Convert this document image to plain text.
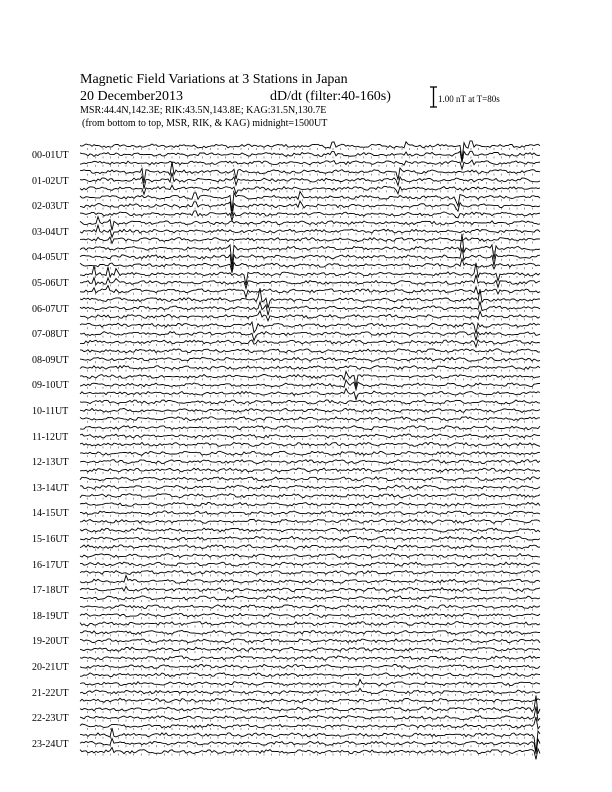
Magnetic Field Variations at 3 Stations in Japan
20 December2013	dD/dt (filter:40-160s)
MSR:44.4N,142.3E; RIK:43.5N,143.8E; KAG:31.5N,130.7E
(from bottom to top, MSR, RIK, & KAG) midnight=1500UT
1.00 nT at T=80s
00-01UT
01-02UT
02-03UT
03-04UT
04-05UT
05-06UT
06-07UT
07-08UT
08-09UT
09-10UT
10-11UT
11-12UT
12-13UT
13-14UT
14-15UT
15-16UT
16-17UT
17-18UT
18-19UT
19-20UT
20-21UT
21-22UT
22-23UT
23-24UT
